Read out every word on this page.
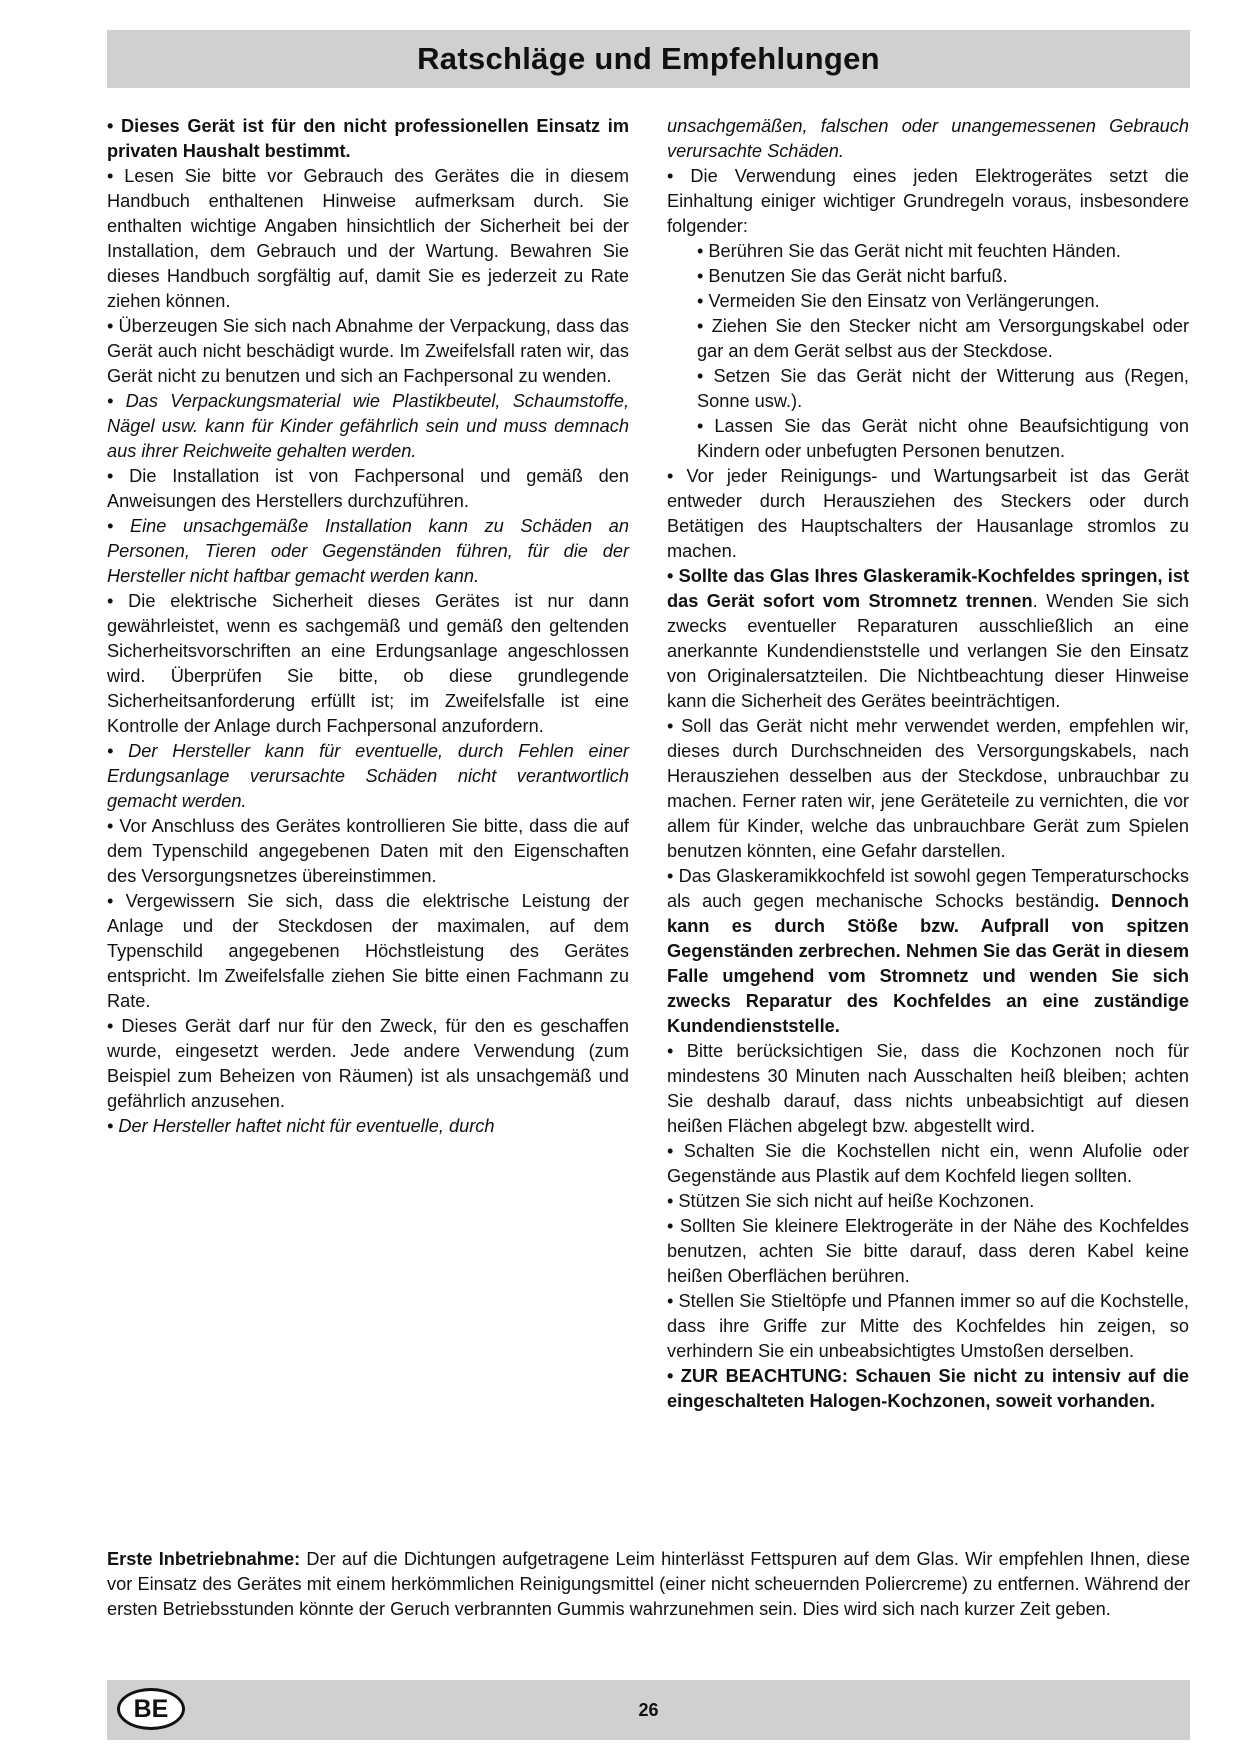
Ratschläge und Empfehlungen

• Dieses Gerät ist für den nicht professionellen Einsatz im privaten Haushalt bestimmt.

• Lesen Sie bitte vor Gebrauch des Gerätes die in diesem Handbuch enthaltenen Hinweise aufmerksam durch. Sie enthalten wichtige Angaben hinsichtlich der Sicherheit bei der Installation, dem Gebrauch und der Wartung. Bewahren Sie dieses Handbuch sorgfältig auf, damit Sie es jederzeit zu Rate ziehen können.

• Überzeugen Sie sich nach Abnahme der Verpackung, dass das Gerät auch nicht beschädigt wurde. Im Zweifelsfall raten wir, das Gerät nicht zu benutzen und sich an Fachpersonal zu wenden.

• Das Verpackungsmaterial wie Plastikbeutel, Schaumstoffe, Nägel usw. kann für Kinder gefährlich sein und muss demnach aus ihrer Reichweite gehalten werden.

• Die Installation ist von Fachpersonal und gemäß den Anweisungen des Herstellers durchzuführen.

• Eine unsachgemäße Installation kann zu Schäden an Personen, Tieren oder Gegenständen führen, für die der Hersteller nicht haftbar gemacht werden kann.

• Die elektrische Sicherheit dieses Gerätes ist nur dann gewährleistet, wenn es sachgemäß und gemäß den geltenden Sicherheitsvorschriften an eine Erdungsanlage angeschlossen wird. Überprüfen Sie bitte, ob diese grundlegende Sicherheitsanforderung erfüllt ist; im Zweifelsfalle ist eine Kontrolle der Anlage durch Fachpersonal anzufordern.

• Der Hersteller kann für eventuelle, durch Fehlen einer Erdungsanlage verursachte Schäden nicht verantwortlich gemacht werden.

• Vor Anschluss des Gerätes kontrollieren Sie bitte, dass die auf dem Typenschild angegebenen Daten mit den Eigenschaften des Versorgungsnetzes übereinstimmen.

• Vergewissern Sie sich, dass die elektrische Leistung der Anlage und der Steckdosen der maximalen, auf dem Typenschild angegebenen Höchstleistung des Gerätes entspricht. Im Zweifelsfalle ziehen Sie bitte einen Fachmann zu Rate.

• Dieses Gerät darf nur für den Zweck, für den es geschaffen wurde, eingesetzt werden. Jede andere Verwendung (zum Beispiel zum Beheizen von Räumen) ist als unsachgemäß und gefährlich anzusehen.

• Der Hersteller haftet nicht für eventuelle, durch

unsachgemäßen, falschen oder unangemessenen Gebrauch verursachte Schäden.

• Die Verwendung eines jeden Elektrogerätes setzt die Einhaltung einiger wichtiger Grundregeln voraus, insbesondere folgender:

• Berühren Sie das Gerät nicht mit feuchten Händen.

• Benutzen Sie das Gerät nicht barfuß.

• Vermeiden Sie den Einsatz von Verlängerungen.

• Ziehen Sie den Stecker nicht am Versorgungskabel oder gar an dem Gerät selbst aus der Steckdose.

• Setzen Sie das Gerät nicht der Witterung aus (Regen, Sonne usw.).

• Lassen Sie das Gerät nicht ohne Beaufsichtigung von Kindern oder unbefugten Personen benutzen.

• Vor jeder Reinigungs- und Wartungsarbeit ist das Gerät entweder durch Herausziehen des Steckers oder durch Betätigen des Hauptschalters der Hausanlage stromlos zu machen.

• Sollte das Glas Ihres Glaskeramik-Kochfeldes springen, ist das Gerät sofort vom Stromnetz trennen. Wenden Sie sich zwecks eventueller Reparaturen ausschließlich an eine anerkannte Kundendienststelle und verlangen Sie den Einsatz von Originalersatzteilen. Die Nichtbeachtung dieser Hinweise kann die Sicherheit des Gerätes beeinträchtigen.

• Soll das Gerät nicht mehr verwendet werden, empfehlen wir, dieses durch Durchschneiden des Versorgungskabels, nach Herausziehen desselben aus der Steckdose, unbrauchbar zu machen. Ferner raten wir, jene Geräteteile zu vernichten, die vor allem für Kinder, welche das unbrauchbare Gerät zum Spielen benutzen könnten, eine Gefahr darstellen.

• Das Glaskeramikkochfeld ist sowohl gegen Temperaturschocks als auch gegen mechanische Schocks beständig. Dennoch kann es durch Stöße bzw. Aufprall von spitzen Gegenständen zerbrechen. Nehmen Sie das Gerät in diesem Falle umgehend vom Stromnetz und wenden Sie sich zwecks Reparatur des Kochfeldes an eine zuständige Kundendienststelle.

• Bitte berücksichtigen Sie, dass die Kochzonen noch für mindestens 30 Minuten nach Ausschalten heiß bleiben; achten Sie deshalb darauf, dass nichts unbeabsichtigt auf diesen heißen Flächen abgelegt bzw. abgestellt wird.

• Schalten Sie die Kochstellen nicht ein, wenn Alufolie oder Gegenstände aus Plastik auf dem Kochfeld liegen sollten.

• Stützen Sie sich nicht auf heiße Kochzonen.

• Sollten Sie kleinere Elektrogeräte in der Nähe des Kochfeldes benutzen, achten Sie bitte darauf, dass deren Kabel keine heißen Oberflächen berühren.

• Stellen Sie Stieltöpfe und Pfannen immer so auf die Kochstelle, dass ihre Griffe zur Mitte des Kochfeldes hin zeigen, so verhindern Sie ein unbeabsichtigtes Umstoßen derselben.

• ZUR BEACHTUNG: Schauen Sie nicht zu intensiv auf die eingeschalteten Halogen-Kochzonen, soweit vorhanden.

Erste Inbetriebnahme: Der auf die Dichtungen aufgetragene Leim hinterlässt Fettspuren auf dem Glas. Wir empfehlen Ihnen, diese vor Einsatz des Gerätes mit einem herkömmlichen Reinigungsmittel (einer nicht scheuernden Poliercreme) zu entfernen. Während der ersten Betriebsstunden könnte der Geruch verbrannten Gummis wahrzunehmen sein. Dies wird sich nach kurzer Zeit geben.
26
BE
